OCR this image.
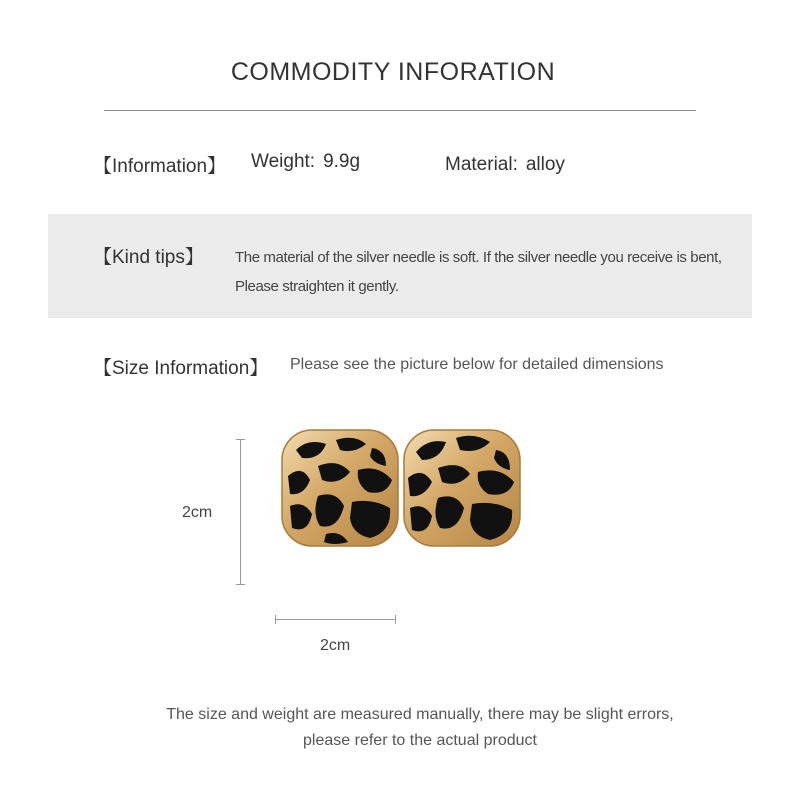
COMMODITY INFORATION
【Information】 Weight: 9.9g	Material: alloy
【Kind tips】 The material of the silver needle is soft. If the silver needle you receive is bent,
Please straighten it gently.
【Size Information】 Please see the picture below for detailed dimensions
2cm
2cm
The size and weight are measured manually, there may be slight errors,
please refer to the actual product
